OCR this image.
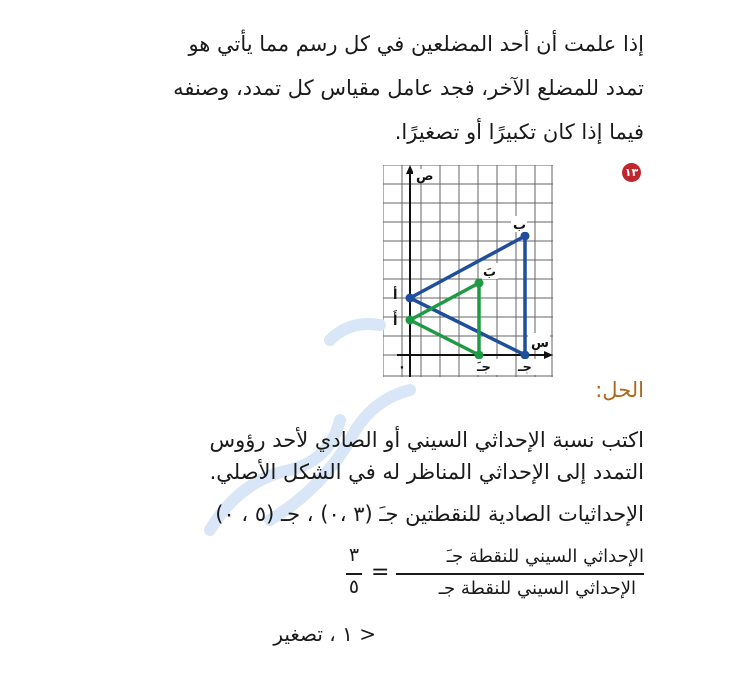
إذا علمت أن أحد المضلعين في كل رسم مما يأتي هو
تمدد للمضلع الآخر، فجد عامل مقياس كل تمدد، وصنفه
فيما إذا كان تكبيرًا أو تصغيرًا.
١٣
ص
س
٠
ب
جـ
أ
بَ
جـَ
أَ
الحل:
اكتب نسبة الإحداثي السيني أو الصادي لأحد رؤوس
التمدد إلى الإحداثي المناظر له في الشكل الأصلي.
الإحداثيات الصادية للنقطتين جـَ (٣ ،٠) ، جـ (٥ ، ٠)
٣
٥
=
الإحداثي السيني للنقطة جـَ
الإحداثي السيني للنقطة جـ
< ١ ، تصغير
